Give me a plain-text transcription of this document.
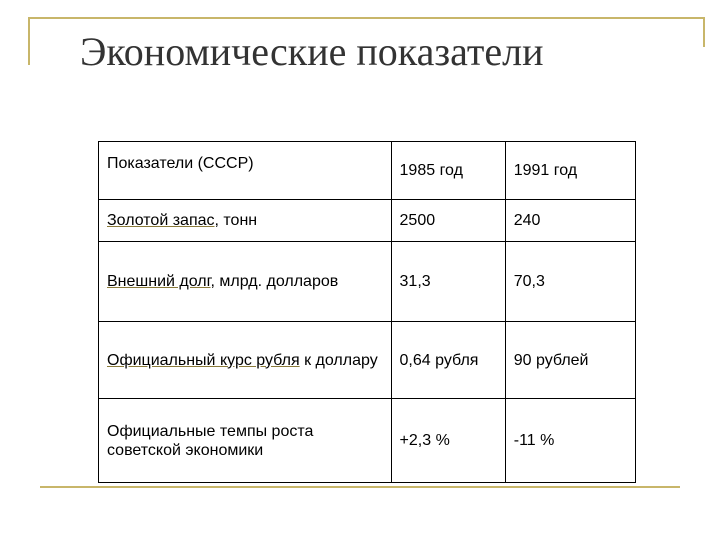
Экономические показатели
Показатели (СССР)	1985 год	1991 год
Золотой запас, тонн	2500	240
Внешний долг, млрд. долларов	31,3	70,3
Официальный курс рубля к доллару	0,64 рубля	90 рублей
Официальные темпы роста советской экономики	+2,3 %	-11 %
